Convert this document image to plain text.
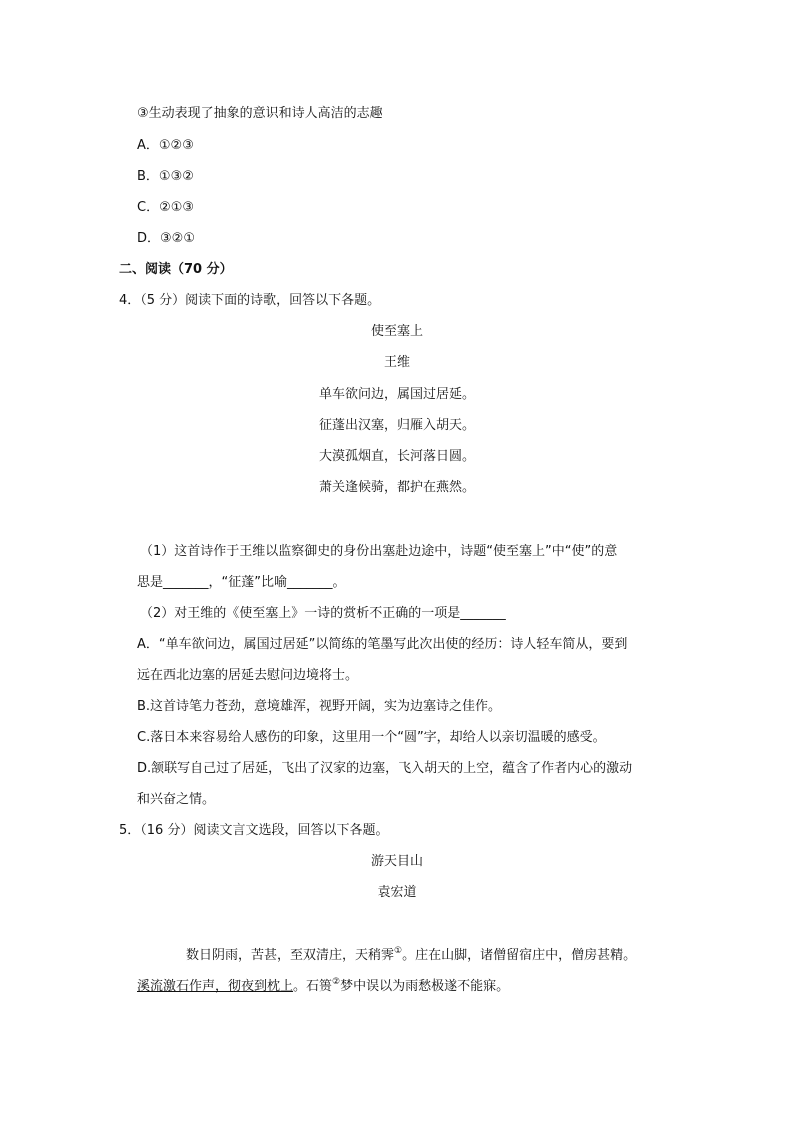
③生动表现了抽象的意识和诗人高洁的志趣
A．①②③
B．①③②
C．②①③
D．③②①
二、阅读（70 分）
4．（5 分）阅读下面的诗歌，回答以下各题。
使至塞上
王维
单车欲问边，属国过居延。
征蓬出汉塞，归雁入胡天。
大漠孤烟直，长河落日圆。
萧关逢候骑，都护在燕然。
（1）这首诗作于王维以监察御史的身份出塞赴边途中，诗题“使至塞上”中“使”的意
思是_______，“征蓬”比喻_______。
（2）对王维的《使至塞上》一诗的赏析不正确的一项是_______
A．“单车欲问边，属国过居延”以简练的笔墨写此次出使的经历：诗人轻车简从，要到
远在西北边塞的居延去慰问边境将士。
B.这首诗笔力苍劲，意境雄浑，视野开阔，实为边塞诗之佳作。
C.落日本来容易给人感伤的印象，这里用一个“圆”字，却给人以亲切温暖的感受。
D.颔联写自己过了居延，飞出了汉家的边塞，飞入胡天的上空，蕴含了作者内心的激动
和兴奋之情。
5．（16 分）阅读文言文选段，回答以下各题。
游天目山
袁宏道
数日阴雨，苦甚，至双清庄，天稍霁①。庄在山脚，诸僧留宿庄中，僧房甚精。
溪流激石作声，彻夜到枕上。石篑②梦中误以为雨愁极遂不能寐。
